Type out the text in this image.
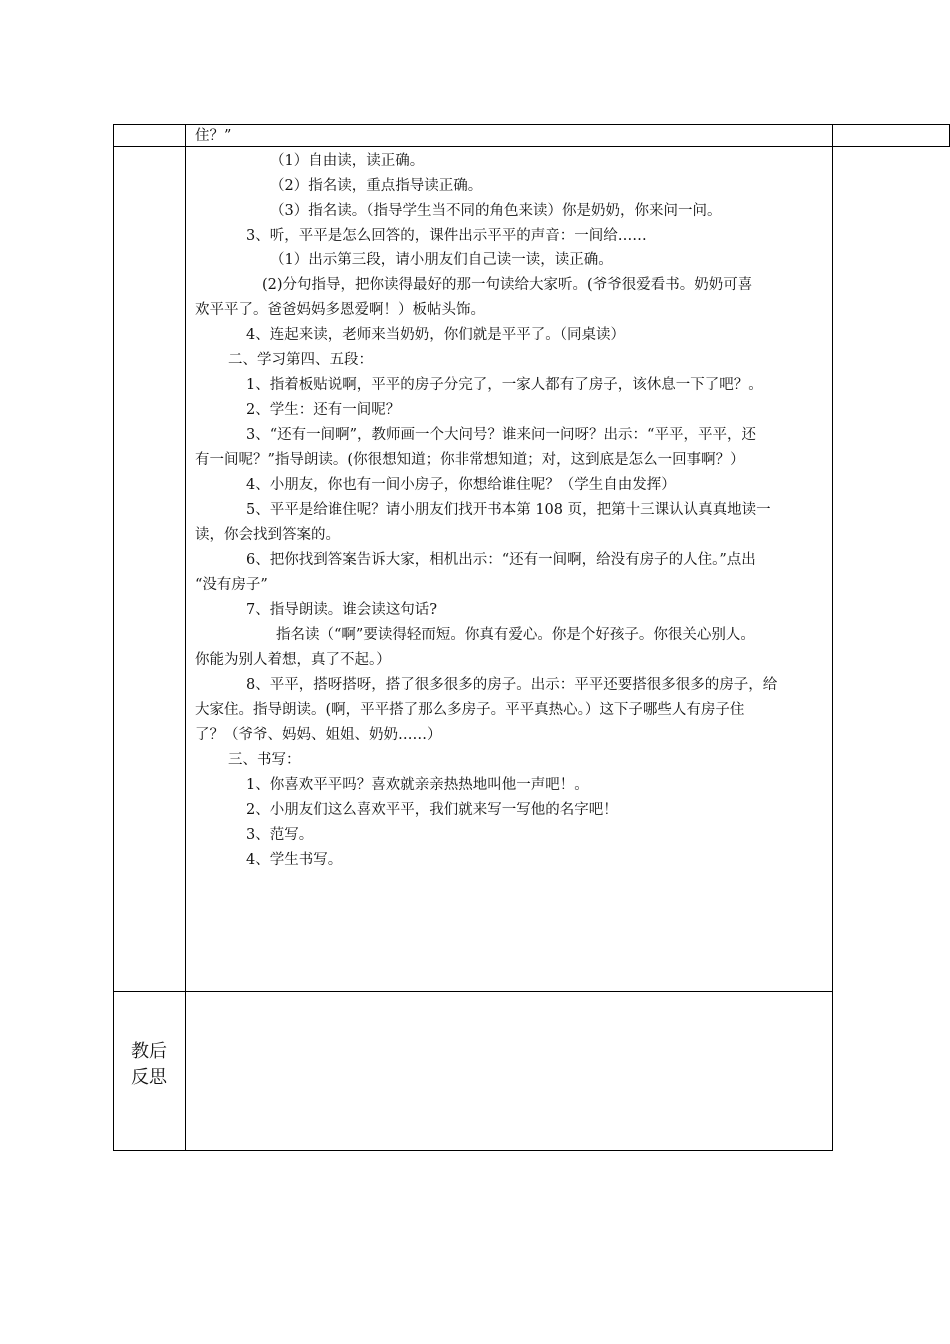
住？”

（1）自由读，读正确。

（2）指名读，重点指导读正确。

（3）指名读。（指导学生当不同的角色来读）你是奶奶，你来问一问。

3、听，平平是怎么回答的，课件出示平平的声音：一间给……

（1）出示第三段，请小朋友们自己读一读，读正确。

(2)分句指导，把你读得最好的那一句读给大家听。(爷爷很爱看书。奶奶可喜

欢平平了。爸爸妈妈多恩爱啊！）板帖头饰。

4、连起来读，老师来当奶奶，你们就是平平了。（同桌读）

二、学习第四、五段：

1、指着板贴说啊，平平的房子分完了，一家人都有了房子，该休息一下了吧？。

2、学生：还有一间呢？

3、“还有一间啊”，教师画一个大问号？谁来问一问呀？出示：“平平，平平，还

有一间呢？”指导朗读。(你很想知道；你非常想知道；对，这到底是怎么一回事啊？）

4、小朋友，你也有一间小房子，你想给谁住呢？（学生自由发挥）

5、平平是给谁住呢？请小朋友们找开书本第 108 页，把第十三课认认真真地读一

读，你会找到答案的。

6、把你找到答案告诉大家，相机出示：“还有一间啊，给没有房子的人住。”点出

“没有房子”

7、指导朗读。谁会读这句话?

指名读（“啊”要读得轻而短。你真有爱心。你是个好孩子。你很关心别人。

你能为别人着想，真了不起。）

8、平平，搭呀搭呀，搭了很多很多的房子。出示：平平还要搭很多很多的房子，给

大家住。指导朗读。(啊，平平搭了那么多房子。平平真热心。）这下子哪些人有房子住

了？（爷爷、妈妈、姐姐、奶奶……）

三、书写：

1、你喜欢平平吗？喜欢就亲亲热热地叫他一声吧！。

2、小朋友们这么喜欢平平，我们就来写一写他的名字吧！

3、范写。

4、学生书写。

教后
反思
